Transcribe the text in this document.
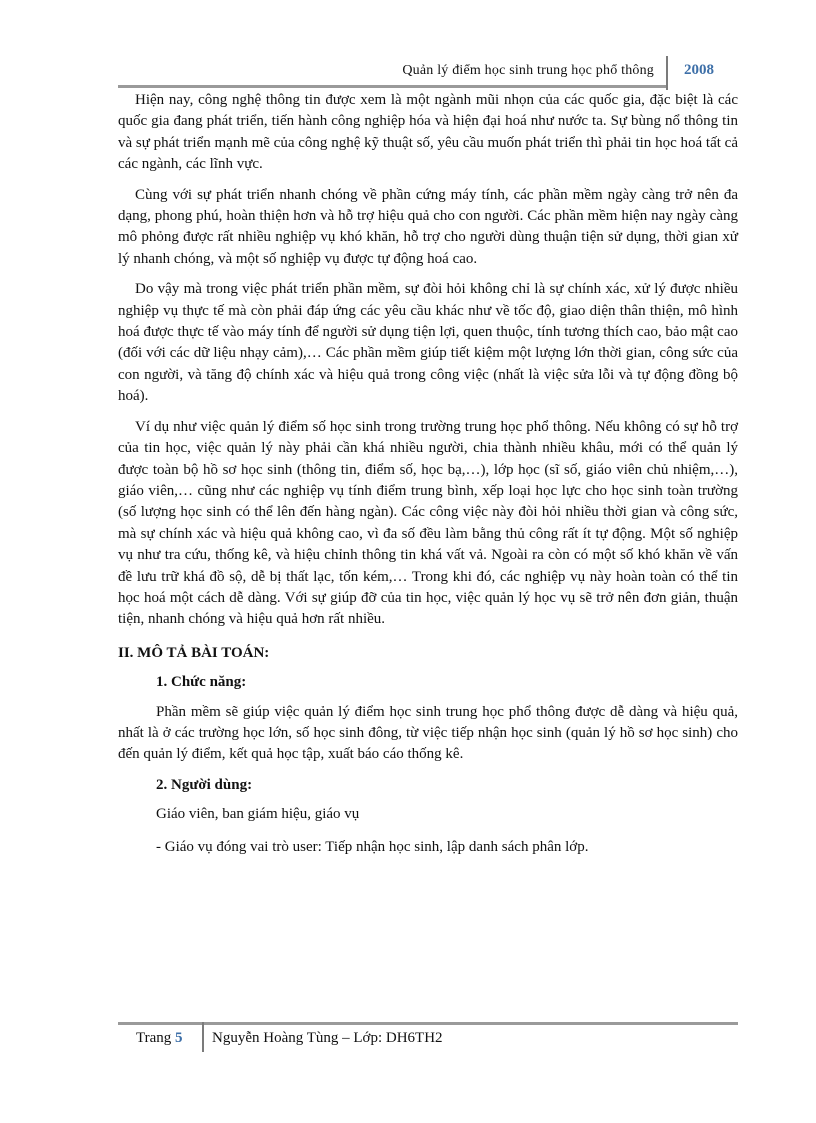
Quản lý điểm học sinh trung học phổ thông 2008

Hiện nay, công nghệ thông tin được xem là một ngành mũi nhọn của các quốc gia, đặc biệt là các quốc gia đang phát triển, tiến hành công nghiệp hóa và hiện đại hoá như nước ta. Sự bùng nổ thông tin và sự phát triển mạnh mẽ của công nghệ kỹ thuật số, yêu cầu muốn phát triển thì phải tin học hoá tất cả các ngành, các lĩnh vực.

Cùng với sự phát triển nhanh chóng về phần cứng máy tính, các phần mềm ngày càng trở nên đa dạng, phong phú, hoàn thiện hơn và hỗ trợ hiệu quả cho con người. Các phần mềm hiện nay ngày càng mô phỏng được rất nhiều nghiệp vụ khó khăn, hỗ trợ cho người dùng thuận tiện sử dụng, thời gian xử lý nhanh chóng, và một số nghiệp vụ được tự động hoá cao.

Do vậy mà trong việc phát triển phần mềm, sự đòi hỏi không chỉ là sự chính xác, xử lý được nhiều nghiệp vụ thực tế mà còn phải đáp ứng các yêu cầu khác như về tốc độ, giao diện thân thiện, mô hình hoá được thực tế vào máy tính để người sử dụng tiện lợi, quen thuộc, tính tương thích cao, bảo mật cao (đối với các dữ liệu nhạy cảm),… Các phần mềm giúp tiết kiệm một lượng lớn thời gian, công sức của con người, và tăng độ chính xác và hiệu quả trong công việc (nhất là việc sửa lỗi và tự động đồng bộ hoá).

Ví dụ như việc quản lý điểm số học sinh trong trường trung học phổ thông. Nếu không có sự hỗ trợ của tin học, việc quản lý này phải cần khá nhiều người, chia thành nhiều khâu, mới có thể quản lý được toàn bộ hồ sơ học sinh (thông tin, điểm số, học bạ,…), lớp học (sĩ số, giáo viên chủ nhiệm,…), giáo viên,… cũng như các nghiệp vụ tính điểm trung bình, xếp loại học lực cho học sinh toàn trường (số lượng học sinh có thể lên đến hàng ngàn). Các công việc này đòi hỏi nhiều thời gian và công sức, mà sự chính xác và hiệu quả không cao, vì đa số đều làm bằng thủ công rất ít tự động. Một số nghiệp vụ như tra cứu, thống kê, và hiệu chỉnh thông tin khá vất vả. Ngoài ra còn có một số khó khăn về vấn đề lưu trữ khá đồ sộ, dễ bị thất lạc, tốn kém,… Trong khi đó, các nghiệp vụ này hoàn toàn có thể tin học hoá một cách dễ dàng. Với sự giúp đỡ của tin học, việc quản lý học vụ sẽ trở nên đơn giản, thuận tiện, nhanh chóng và hiệu quả hơn rất nhiều.

II. MÔ TẢ BÀI TOÁN:
1. Chức năng:

Phần mềm sẽ giúp việc quản lý điểm học sinh trung học phổ thông được dễ dàng và hiệu quả, nhất là ở các trường học lớn, số học sinh đông, từ việc tiếp nhận học sinh (quản lý hồ sơ học sinh) cho đến quản lý điểm, kết quả học tập, xuất báo cáo thống kê.

2. Người dùng:
Giáo viên, ban giám hiệu, giáo vụ
- Giáo vụ đóng vai trò user: Tiếp nhận học sinh, lập danh sách phân lớp.
Trang 5 Nguyễn Hoàng Tùng – Lớp: DH6TH2
